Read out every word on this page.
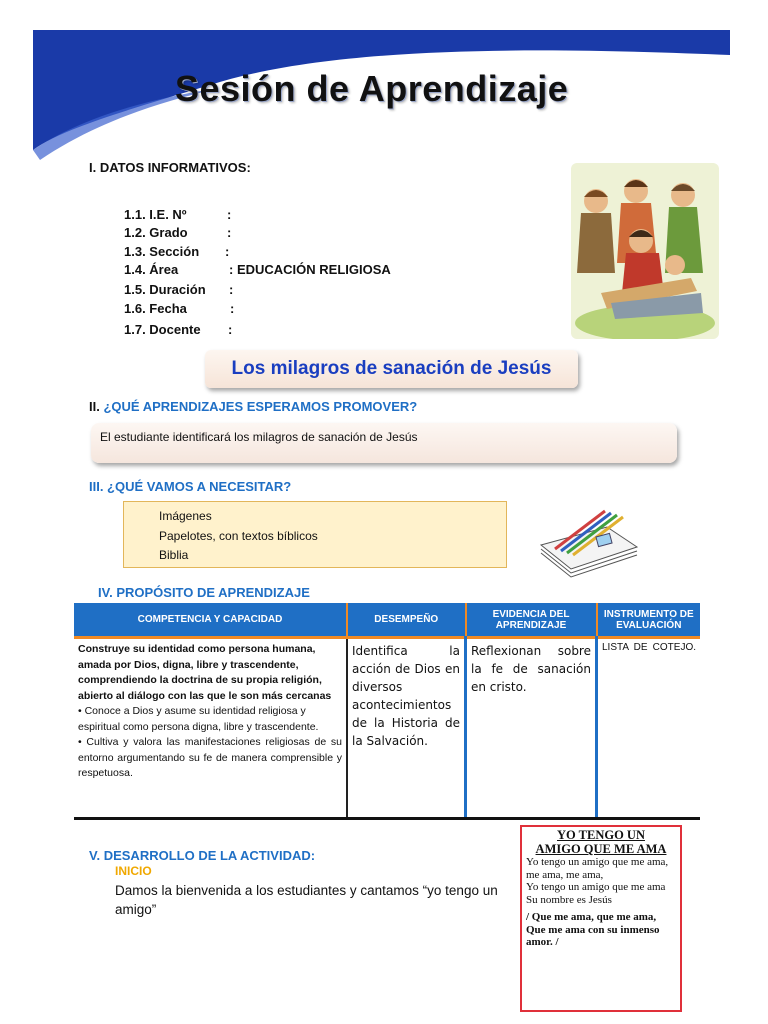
Sesión de Aprendizaje
I. DATOS INFORMATIVOS:
1.1. I.E. Nº	:
1.2. Grado	:
1.3. Sección :
1.4. Área	: EDUCACIÓN RELIGIOSA
1.5. Duración :
1.6. Fecha	:
1.7. Docente :
Los milagros de sanación de Jesús
II. ¿QUÉ APRENDIZAJES ESPERAMOS PROMOVER?
El estudiante identificará los milagros de sanación de Jesús
III. ¿QUÉ VAMOS A NECESITAR?
Imágenes
Papelotes, con textos bíblicos
Biblia
IV. PROPÓSITO DE APRENDIZAJE
COMPETENCIA Y CAPACIDAD	DESEMPEÑO	EVIDENCIA DEL APRENDIZAJE	INSTRUMENTO DE EVALUACIÓN

Construye su identidad como persona humana, amada por Dios, digna, libre y trascendente, comprendiendo la doctrina de su propia religión, abierto al diálogo con las que le son más cercanas

• Conoce a Dios y asume su identidad religiosa y espiritual como persona digna, libre y trascendente.

• Cultiva y valora las manifestaciones religiosas de su entorno argumentando su fe de manera comprensible y respetuosa.	Identifica la acción de Dios en diversos acontecimientos de la Historia de la Salvación.	Reflexionan sobre la fe de sanación en cristo.	LISTA DE COTEJO.
V. DESARROLLO DE LA ACTIVIDAD:
INICIO
Damos la bienvenida a los estudiantes y cantamos “yo tengo un amigo”
YO TENGO UN
AMIGO QUE ME AMA
Yo tengo un amigo que me ama,
me ama, me ama,
Yo tengo un amigo que me ama
Su nombre es Jesús
/ Que me ama, que me ama,
Que me ama con su inmenso amor. /
